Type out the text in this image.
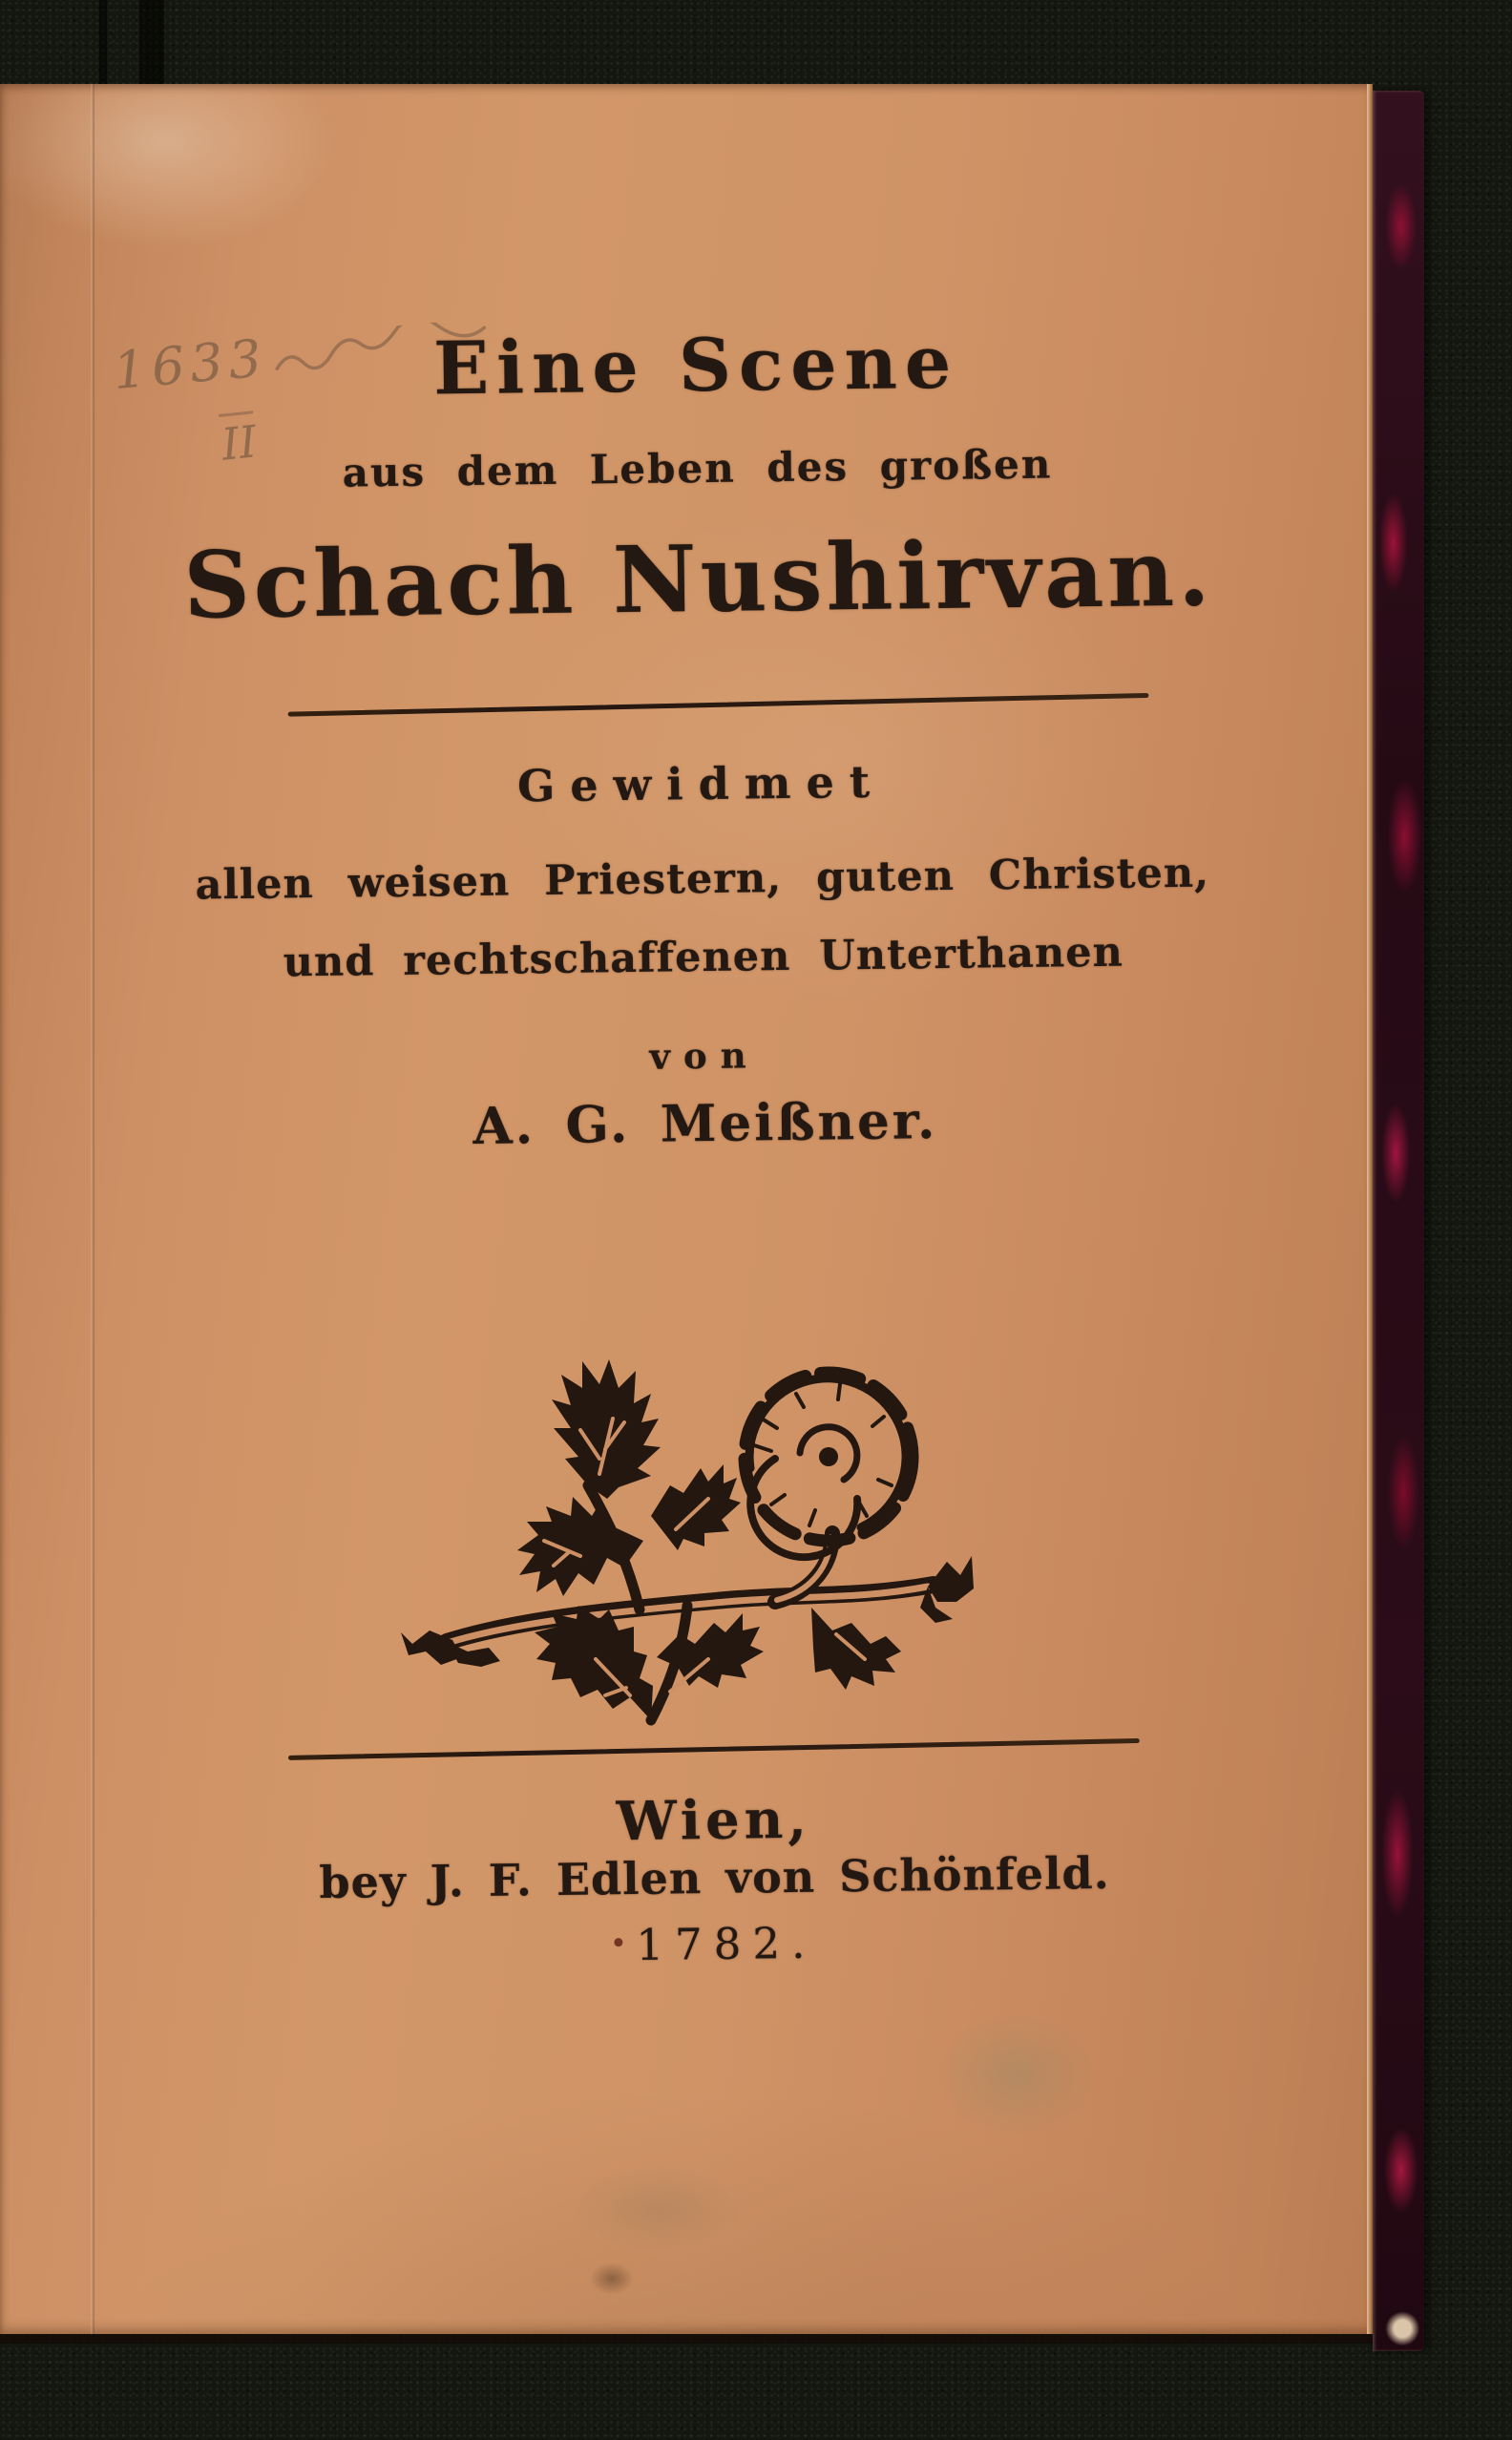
1633
II
Eine Scene
aus dem Leben des großen
Schach Nushirvan.
Gewidmet
allen weisen Priestern, guten Christen,
und rechtschaffenen Unterthanen
von
A. G. Meißner.
Wien,
bey J. F. Edlen von Schönfeld.
1782.
